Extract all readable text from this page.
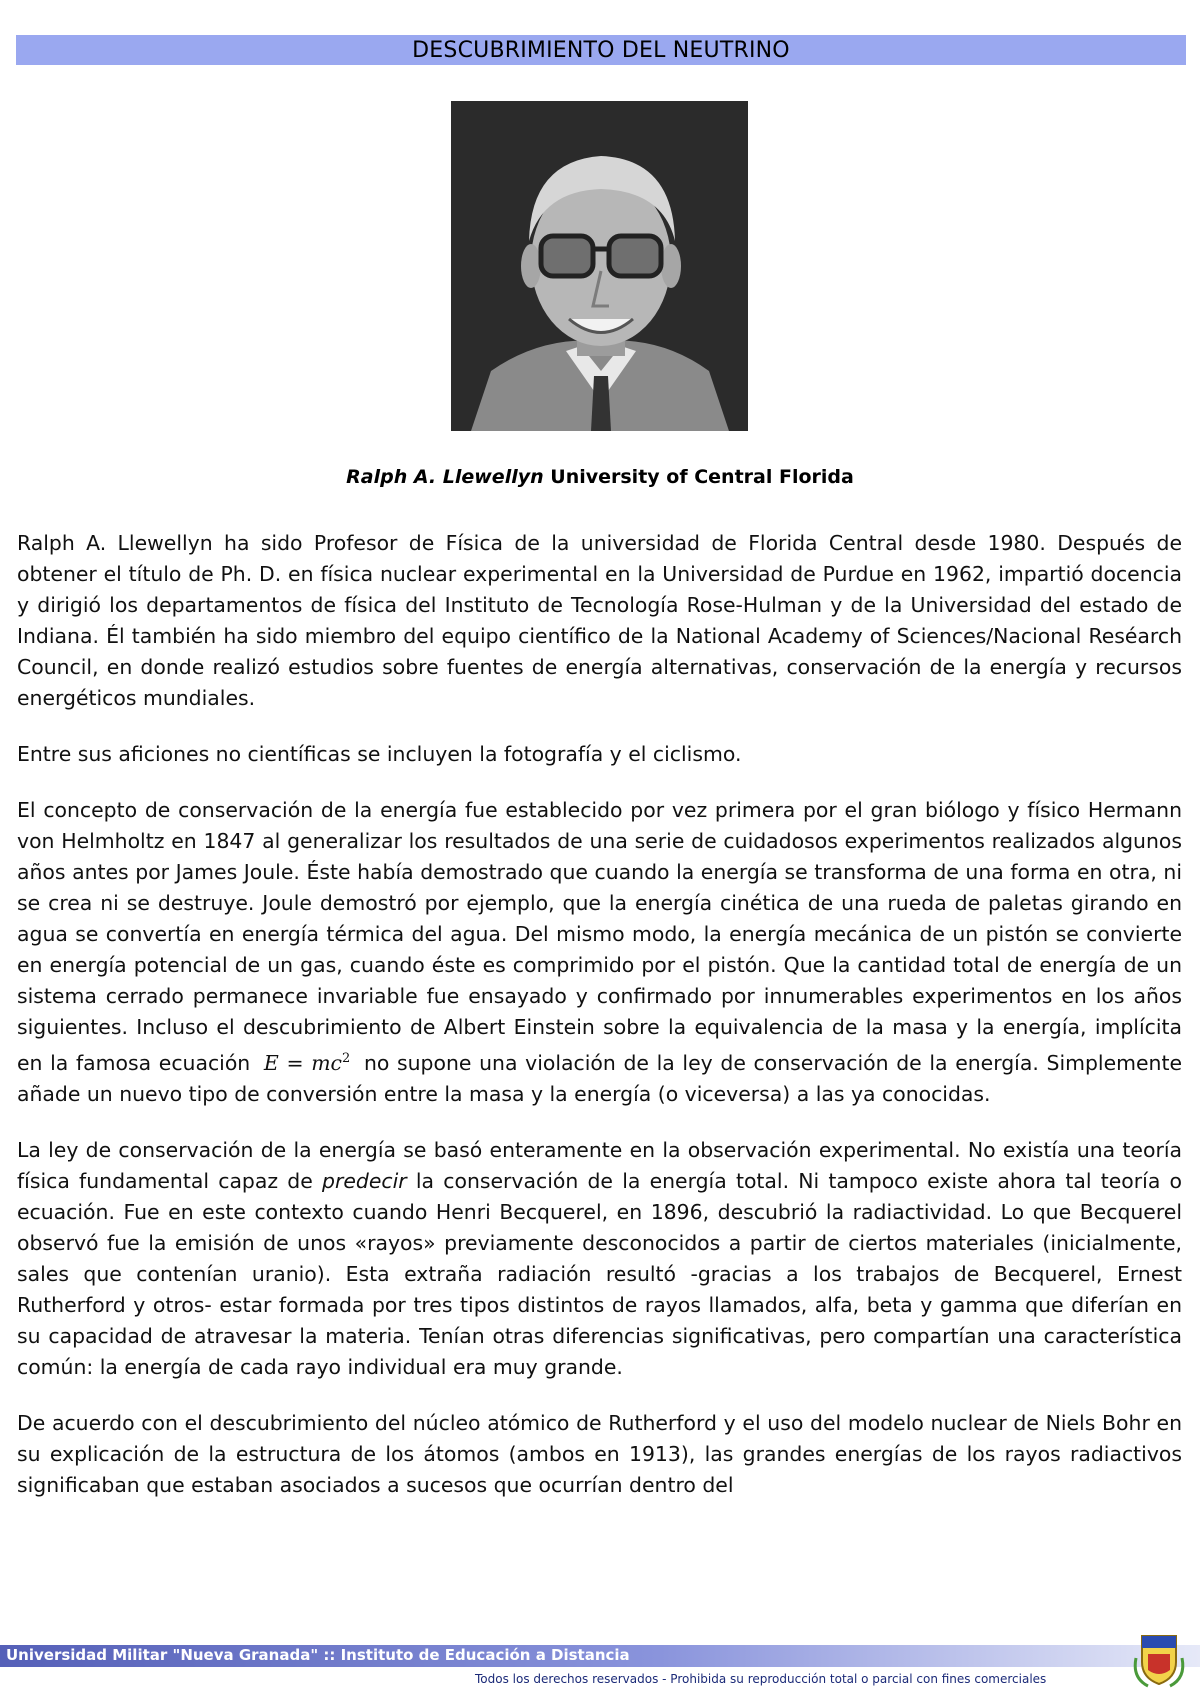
DESCUBRIMIENTO DEL NEUTRINO
Ralph A. Llewellyn University of Central Florida

Ralph A. Llewellyn ha sido Profesor de Física de la universidad de Florida Central desde 1980. Después de obtener el título de Ph. D. en física nuclear experimental en la Universidad de Purdue en 1962, impartió docencia y dirigió los departamentos de física del Instituto de Tecnología Rose-Hulman y de la Universidad del estado de Indiana. Él también ha sido miembro del equipo científico de la National Academy of Sciences/Nacional Reséarch Council, en donde realizó estudios sobre fuentes de energía alternativas, conservación de la energía y recursos energéticos mundiales.

Entre sus aficiones no científicas se incluyen la fotografía y el ciclismo.

El concepto de conservación de la energía fue establecido por vez primera por el gran biólogo y físico Hermann von Helmholtz en 1847 al generalizar los resultados de una serie de cuidadosos experimentos realizados algunos años antes por James Joule. Éste había demostrado que cuando la energía se transforma de una forma en otra, ni se crea ni se destruye. Joule demostró por ejemplo, que la energía cinética de una rueda de paletas girando en agua se convertía en energía térmica del agua. Del mismo modo, la energía mecánica de un pistón se convierte en energía potencial de un gas, cuando éste es comprimido por el pistón. Que la cantidad total de energía de un sistema cerrado permanece invariable fue ensayado y confirmado por innumerables experimentos en los años siguientes. Incluso el descubrimiento de Albert Einstein sobre la equivalencia de la masa y la energía, implícita en la famosa ecuación $E = mc^2$ no supone una violación de la ley de conservación de la energía. Simplemente añade un nuevo tipo de conversión entre la masa y la energía (o viceversa) a las ya conocidas.

La ley de conservación de la energía se basó enteramente en la observación experimental. No existía una teoría física fundamental capaz de predecir la conservación de la energía total. Ni tampoco existe ahora tal teoría o ecuación. Fue en este contexto cuando Henri Becquerel, en 1896, descubrió la radiactividad. Lo que Becquerel observó fue la emisión de unos «rayos» previamente desconocidos a partir de ciertos materiales (inicialmente, sales que contenían uranio). Esta extraña radiación resultó -gracias a los trabajos de Becquerel, Ernest Rutherford y otros- estar formada por tres tipos distintos de rayos llamados, alfa, beta y gamma que diferían en su capacidad de atravesar la materia. Tenían otras diferencias significativas, pero compartían una característica común: la energía de cada rayo individual era muy grande.

De acuerdo con el descubrimiento del núcleo atómico de Rutherford y el uso del modelo nuclear de Niels Bohr en su explicación de la estructura de los átomos (ambos en 1913), las grandes energías de los rayos radiactivos significaban que estaban asociados a sucesos que ocurrían dentro del

Universidad Militar "Nueva Granada" :: Instituto de Educación a Distancia
Todos los derechos reservados - Prohibida su reproducción total o parcial con fines comerciales
